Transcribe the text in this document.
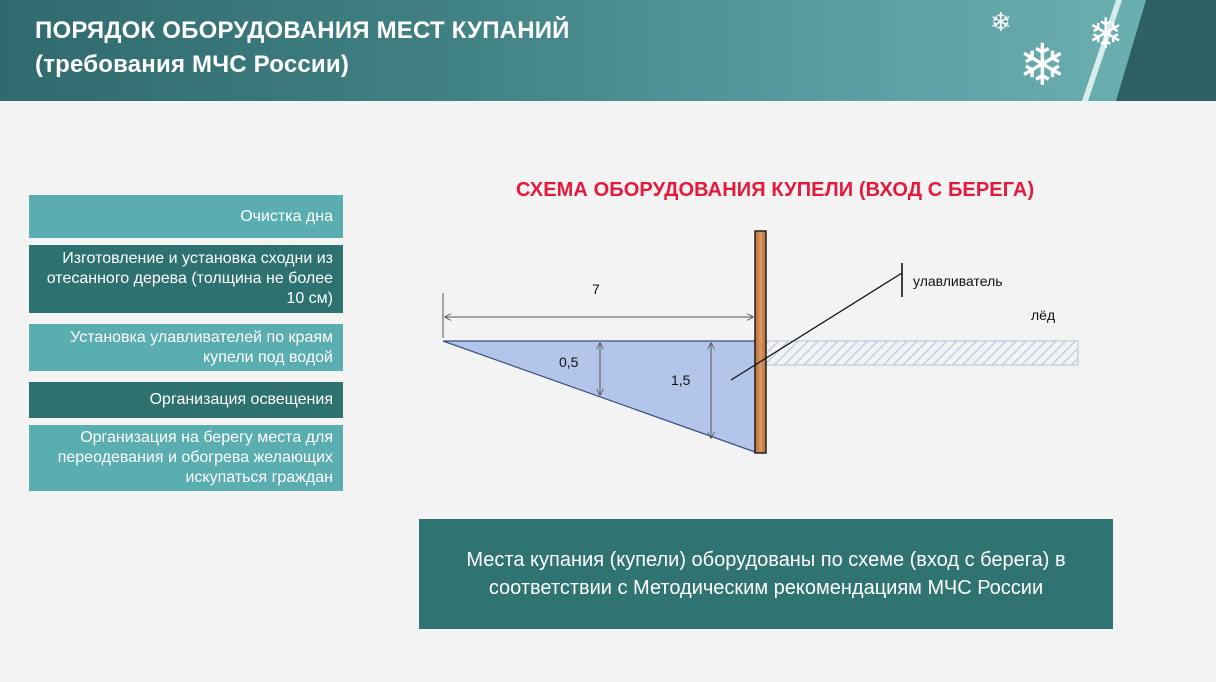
ПОРЯДОК ОБОРУДОВАНИЯ МЕСТ КУПАНИЙ
(требования МЧС России)
❄ ❄
❄
Очистка дна
Изготовление и установка сходни из отесанного дерева (толщина не более 10 см)
Установка улавливателей по краям купели под водой
Организация освещения
Организация на берегу места для переодевания и обогрева желающих искупаться граждан
СХЕМА ОБОРУДОВАНИЯ КУПЕЛИ (ВХОД С БЕРЕГА)
7
0,5
1,5
улавливатель
лёд
Места купания (купели) оборудованы по схеме (вход с берега) в соответствии с Методическим рекомендациям МЧС России
